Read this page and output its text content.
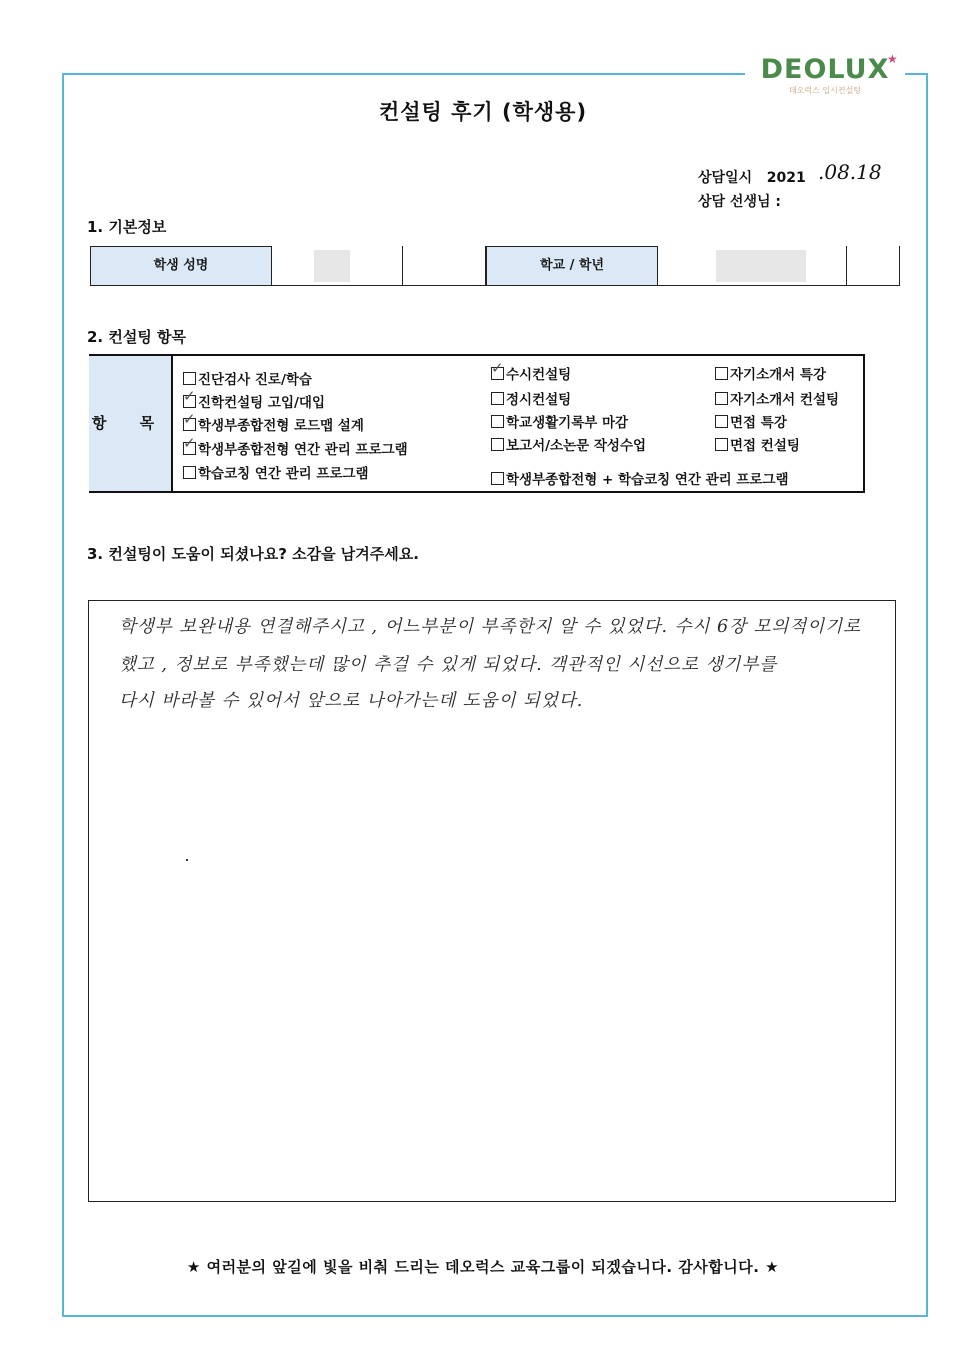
DEOLUX
★
데오럭스 입시컨설팅
컨설팅 후기 (학생용)
상담일시 2021 .08.18
상담 선생님 :
1. 기본정보
학생 성명	학교 / 학년
2. 컨설팅 항목
항 목
진단검사 진로/학습
✓진학컨설팅 고입/대입
✓학생부종합전형 로드맵 설계
✓학생부종합전형 연간 관리 프로그램
학습코칭 연간 관리 프로그램
✓수시컨설팅
정시컨설팅
학교생활기록부 마감
보고서/소논문 작성수업
학생부종합전형 + 학습코칭 연간 관리 프로그램
자기소개서 특강
자기소개서 컨설팅
면접 특강
면접 컨설팅
3. 컨설팅이 도움이 되셨나요? 소감을 남겨주세요.
학생부 보완내용 연결해주시고 , 어느부분이 부족한지 알 수 있었다. 수시 6장 모의적이기로
했고 , 정보로 부족했는데 많이 추걸 수 있게 되었다. 객관적인 시선으로 생기부를
다시 바라볼 수 있어서 앞으로 나아가는데 도움이 되었다.
★ 여러분의 앞길에 빛을 비춰 드리는 데오럭스 교육그룹이 되겠습니다. 감사합니다. ★
